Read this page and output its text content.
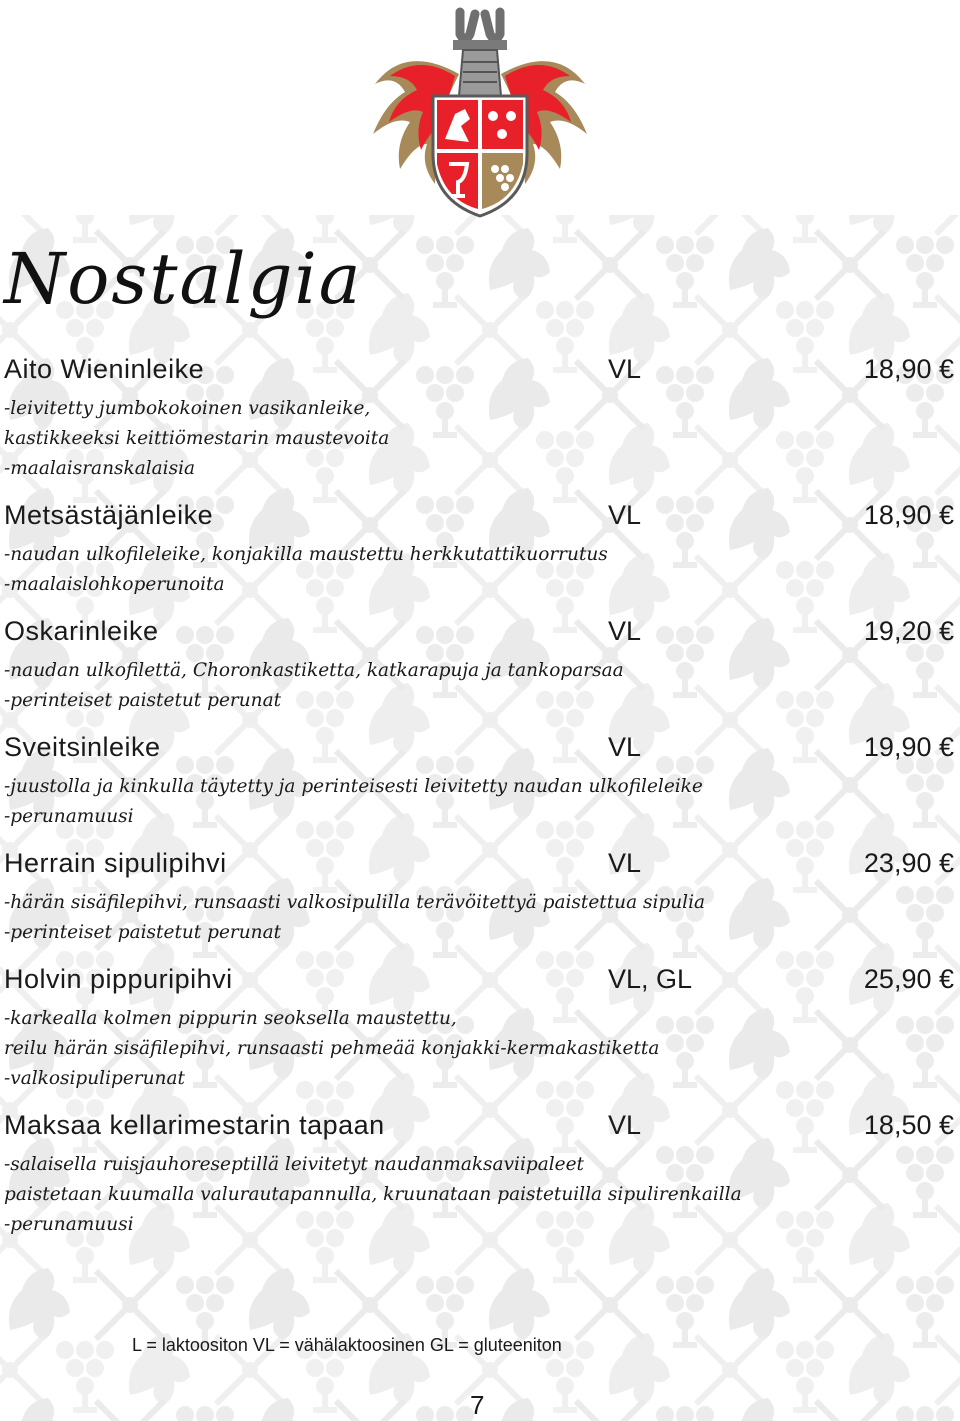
Nostalgia
Aito Wieninleike	VL	18,90 €
-leivitetty jumbokokoinen vasikanleike,
kastikkeeksi keittiömestarin maustevoita
-maalaisranskalaisia
Metsästäjänleike	VL	18,90 €
-naudan ulkofileleike, konjakilla maustettu herkkutattikuorrutus
-maalaislohkoperunoita
Oskarinleike	VL	19,20 €
-naudan ulkofilettä, Choronkastiketta, katkarapuja ja tankoparsaa
-perinteiset paistetut perunat
Sveitsinleike	VL	19,90 €
-juustolla ja kinkulla täytetty ja perinteisesti leivitetty naudan ulkofileleike
-perunamuusi
Herrain sipulipihvi	VL	23,90 €
-härän sisäfilepihvi, runsaasti valkosipulilla terävöitettyä paistettua sipulia
-perinteiset paistetut perunat
Holvin pippuripihvi	VL, GL	25,90 €
-karkealla kolmen pippurin seoksella maustettu,
reilu härän sisäfilepihvi, runsaasti pehmeää konjakki-kermakastiketta
-valkosipuliperunat
Maksaa kellarimestarin tapaan	VL	18,50 €
-salaisella ruisjauhoreseptillä leivitetyt naudanmaksaviipaleet
paistetaan kuumalla valurautapannulla, kruunataan paistetuilla sipulirenkailla
-perunamuusi
L = laktoositon VL = vähälaktoosinen GL = gluteeniton
7
